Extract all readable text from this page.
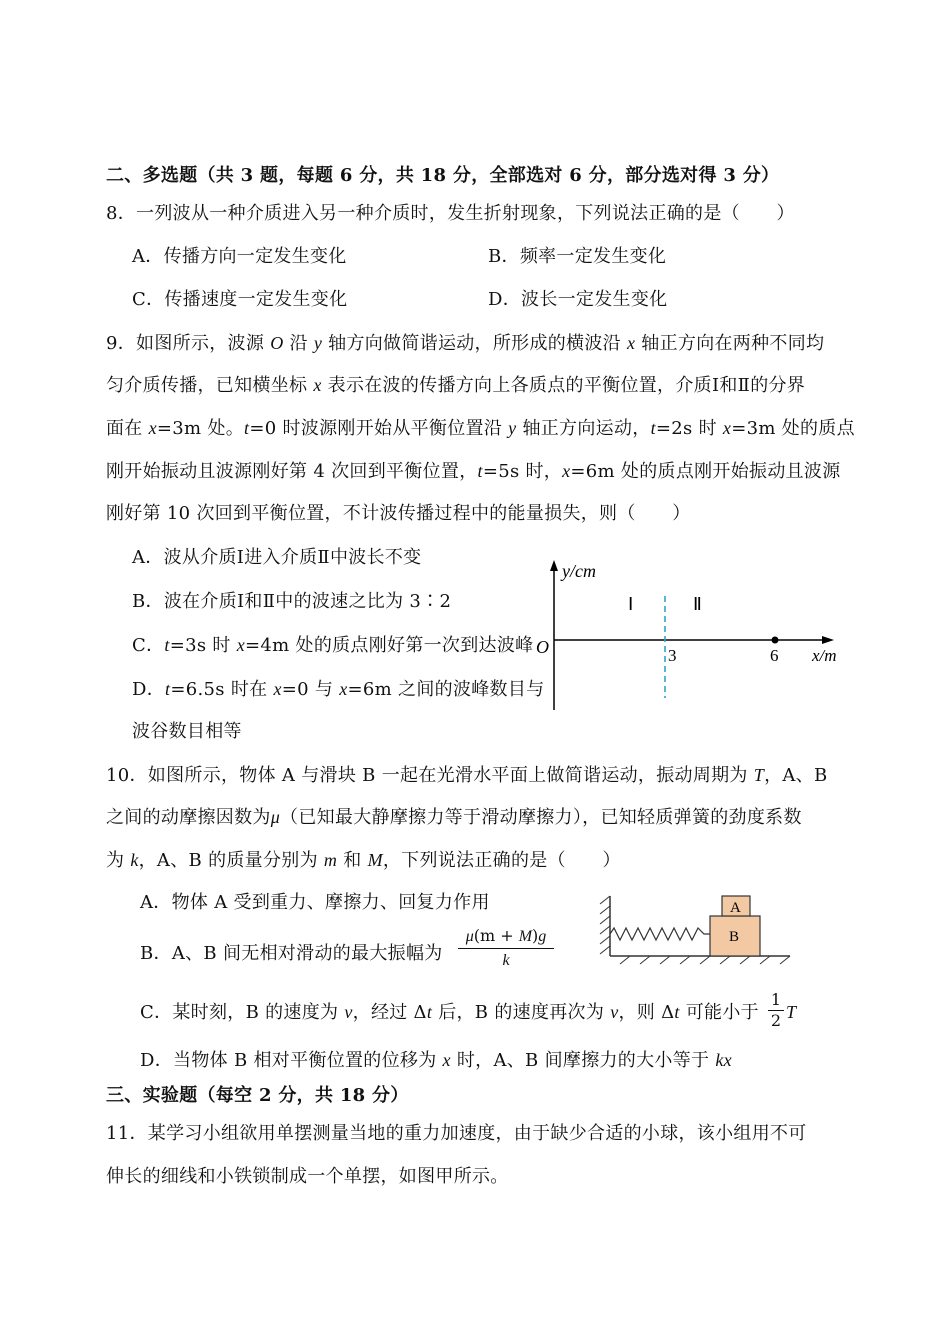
二、多选题（共 3 题，每题 6 分，共 18 分，全部选对 6 分，部分选对得 3 分）
8．一列波从一种介质进入另一种介质时，发生折射现象，下列说法正确的是（　　）
A．传播方向一定发生变化	B．频率一定发生变化
C．传播速度一定发生变化	D．波长一定发生变化
9．如图所示，波源 O 沿 y 轴方向做简谐运动，所形成的横波沿 x 轴正方向在两种不同均
匀介质传播，已知横坐标 x 表示在波的传播方向上各质点的平衡位置，介质Ⅰ和Ⅱ的分界
面在 x=3m 处。t=0 时波源刚开始从平衡位置沿 y 轴正方向运动，t=2s 时 x=3m 处的质点
刚开始振动且波源刚好第 4 次回到平衡位置，t=5s 时，x=6m 处的质点刚开始振动且波源
刚好第 10 次回到平衡位置，不计波传播过程中的能量损失，则（　　）
A．波从介质Ⅰ进入介质Ⅱ中波长不变
B．波在介质Ⅰ和Ⅱ中的波速之比为 3∶2
C．t=3s 时 x=4m 处的质点刚好第一次到达波峰
D．t=6.5s 时在 x=0 与 x=6m 之间的波峰数目与
波谷数目相等
y/cm
O
Ⅰ	Ⅱ
3	6 x/m
10．如图所示，物体 A 与滑块 B 一起在光滑水平面上做简谐运动，振动周期为 T，A、B
之间的动摩擦因数为μ（已知最大静摩擦力等于滑动摩擦力），已知轻质弹簧的劲度系数
为 k，A、B 的质量分别为 m 和 M，下列说法正确的是（　　）
A．物体 A 受到重力、摩擦力、回复力作用
B．A、B 间无相对滑动的最大振幅为 $\frac{\mu(m + M)g}{k}$
C．某时刻，B 的速度为 v，经过 Δt 后，B 的速度再次为 v，则 Δt 可能小于 $\frac{1}{2}$ T
D．当物体 B 相对平衡位置的位移为 x 时，A、B 间摩擦力的大小等于 kx
A
B
三、实验题（每空 2 分，共 18 分）
11．某学习小组欲用单摆测量当地的重力加速度，由于缺少合适的小球，该小组用不可
伸长的细线和小铁锁制成一个单摆，如图甲所示。
